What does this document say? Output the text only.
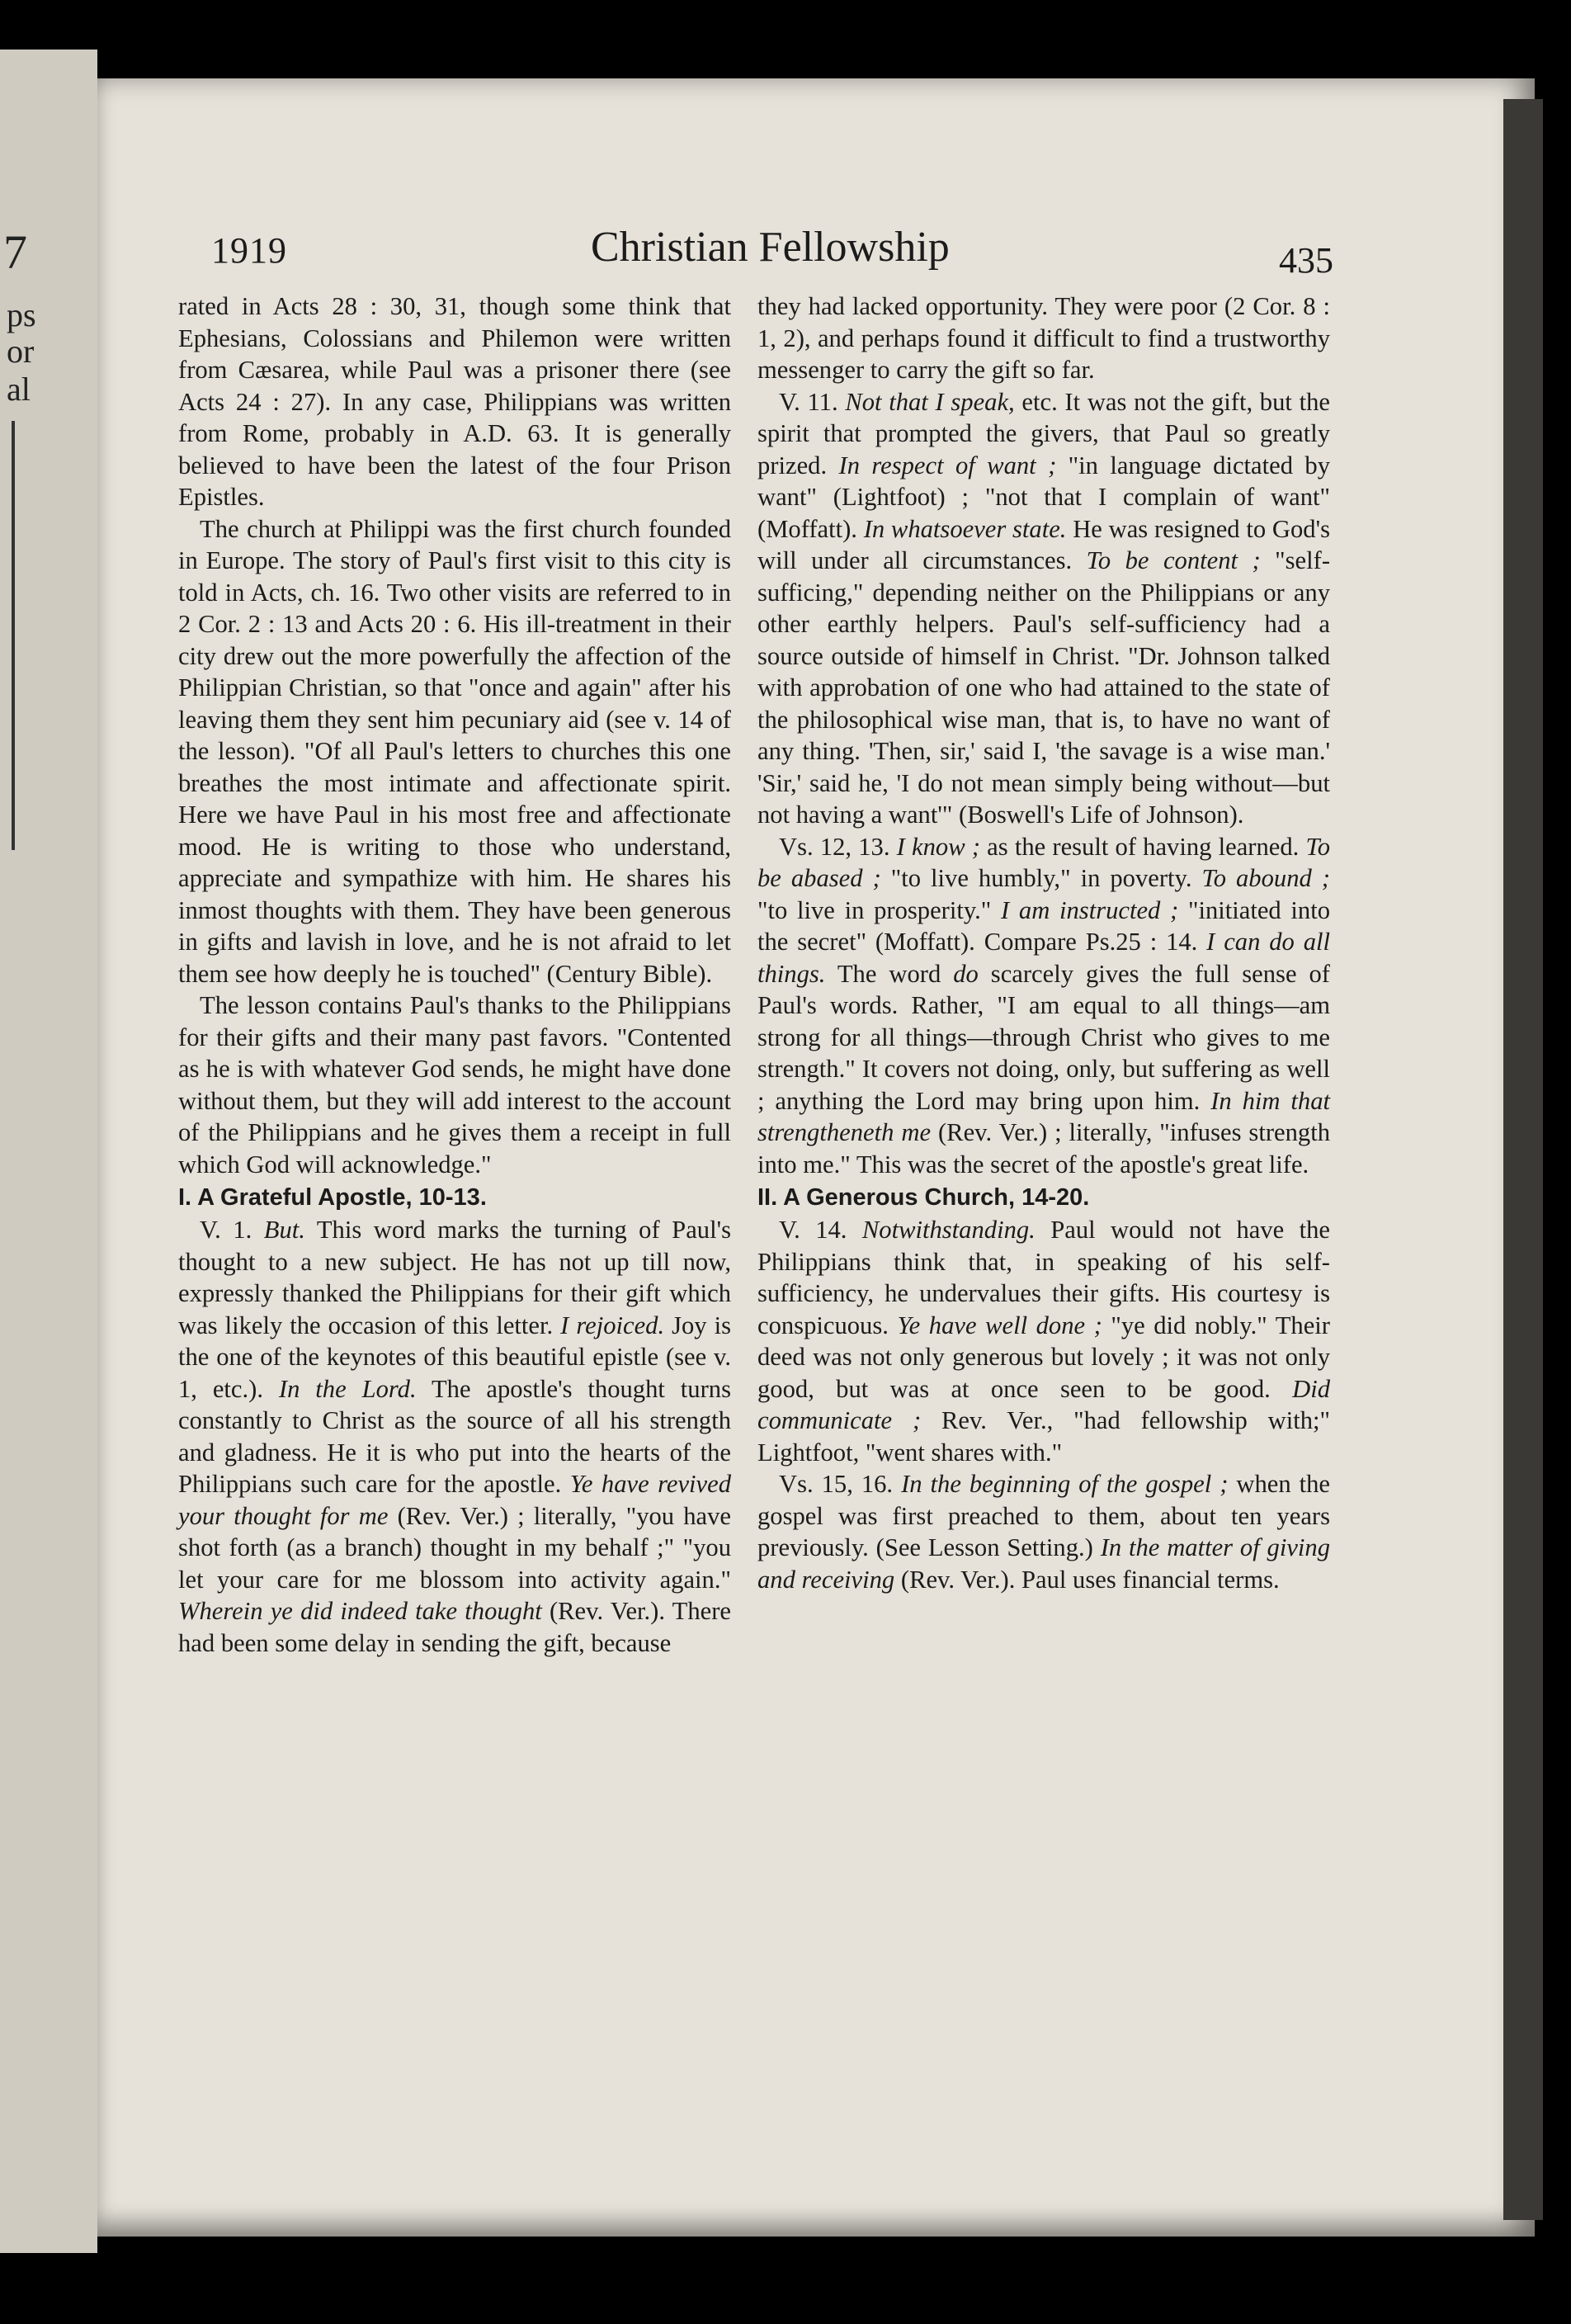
7
ps
or
al
1919	Christian Fellowship	435

rated in Acts 28 : 30, 31, though some think that Ephesians, Colossians and Philemon were written from Cæsarea, while Paul was a prisoner there (see Acts 24 : 27). In any case, Philippians was written from Rome, probably in A.D. 63. It is generally believed to have been the latest of the four Prison Epistles.

The church at Philippi was the first church founded in Europe. The story of Paul's first visit to this city is told in Acts, ch. 16. Two other visits are referred to in 2 Cor. 2 : 13 and Acts 20 : 6. His ill-treatment in their city drew out the more powerfully the affection of the Philippian Christian, so that "once and again" after his leaving them they sent him pecuniary aid (see v. 14 of the lesson). "Of all Paul's letters to churches this one breathes the most intimate and affectionate spirit. Here we have Paul in his most free and affectionate mood. He is writing to those who understand, appreciate and sympathize with him. He shares his inmost thoughts with them. They have been generous in gifts and lavish in love, and he is not afraid to let them see how deeply he is touched" (Century Bible).

The lesson contains Paul's thanks to the Philippians for their gifts and their many past favors. "Contented as he is with whatever God sends, he might have done without them, but they will add interest to the account of the Philippians and he gives them a receipt in full which God will acknowledge."

I. A Grateful Apostle, 10-13.

V. 1. But. This word marks the turning of Paul's thought to a new subject. He has not up till now, expressly thanked the Philippians for their gift which was likely the occasion of this letter. I rejoiced. Joy is the one of the keynotes of this beautiful epistle (see v. 1, etc.). In the Lord. The apostle's thought turns constantly to Christ as the source of all his strength and gladness. He it is who put into the hearts of the Philippians such care for the apostle. Ye have revived your thought for me (Rev. Ver.) ; literally, "you have shot forth (as a branch) thought in my behalf ;" "you let your care for me blossom into activity again." Wherein ye did indeed take thought (Rev. Ver.). There had been some delay in sending the gift, because

they had lacked opportunity. They were poor (2 Cor. 8 : 1, 2), and perhaps found it difficult to find a trustworthy messenger to carry the gift so far.

V. 11. Not that I speak, etc. It was not the gift, but the spirit that prompted the givers, that Paul so greatly prized. In respect of want ; "in language dictated by want" (Lightfoot) ; "not that I complain of want" (Moffatt). In whatsoever state. He was resigned to God's will under all circumstances. To be content ; "self-sufficing," depending neither on the Philippians or any other earthly helpers. Paul's self-sufficiency had a source outside of himself in Christ. "Dr. Johnson talked with approbation of one who had attained to the state of the philosophical wise man, that is, to have no want of any thing. 'Then, sir,' said I, 'the savage is a wise man.' 'Sir,' said he, 'I do not mean simply being without—but not having a want'" (Boswell's Life of Johnson).

Vs. 12, 13. I know ; as the result of having learned. To be abased ; "to live humbly," in poverty. To abound ; "to live in prosperity." I am instructed ; "initiated into the secret" (Moffatt). Compare Ps.25 : 14. I can do all things. The word do scarcely gives the full sense of Paul's words. Rather, "I am equal to all things—am strong for all things—through Christ who gives to me strength." It covers not doing, only, but suffering as well ; anything the Lord may bring upon him. In him that strengtheneth me (Rev. Ver.) ; literally, "infuses strength into me." This was the secret of the apostle's great life.

II. A Generous Church, 14-20.

V. 14. Notwithstanding. Paul would not have the Philippians think that, in speaking of his self-sufficiency, he undervalues their gifts. His courtesy is conspicuous. Ye have well done ; "ye did nobly." Their deed was not only generous but lovely ; it was not only good, but was at once seen to be good. Did communicate ; Rev. Ver., "had fellowship with;" Lightfoot, "went shares with."

Vs. 15, 16. In the beginning of the gospel ; when the gospel was first preached to them, about ten years previously. (See Lesson Setting.) In the matter of giving and receiving (Rev. Ver.). Paul uses financial terms.
